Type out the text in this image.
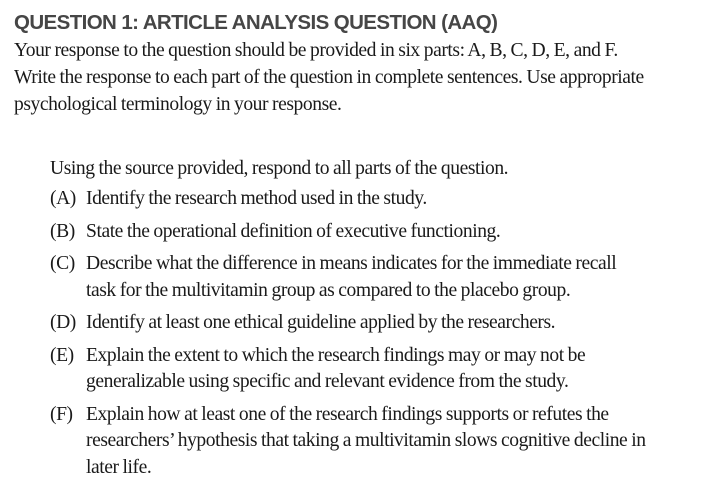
QUESTION 1: ARTICLE ANALYSIS QUESTION (AAQ)

Your response to the question should be provided in six parts: A, B, C, D, E, and F.
Write the response to each part of the question in complete sentences. Use appropriate
psychological terminology in your response.

Using the source provided, respond to all parts of the question.

(A) Identify the research method used in the study.
(B) State the operational definition of executive functioning.
(C) Describe what the difference in means indicates for the immediate recall
task for the multivitamin group as compared to the placebo group.
(D) Identify at least one ethical guideline applied by the researchers.
(E) Explain the extent to which the research findings may or may not be
generalizable using specific and relevant evidence from the study.
(F) Explain how at least one of the research findings supports or refutes the
researchers’ hypothesis that taking a multivitamin slows cognitive decline in
later life.
